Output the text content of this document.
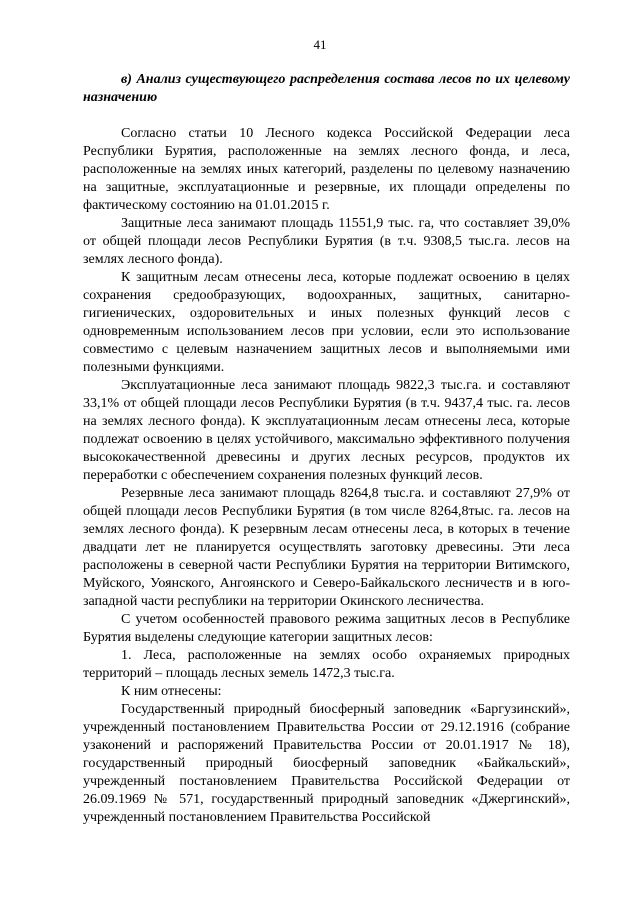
41

в) Анализ существующего распределения состава лесов по их целевому назначению

Согласно статьи 10 Лесного кодекса Российской Федерации леса Республики Бурятия, расположенные на землях лесного фонда, и леса, расположенные на землях иных категорий, разделены по целевому назначению на защитные, эксплуатационные и резервные, их площади определены по фактическому состоянию на 01.01.2015 г.

Защитные леса занимают площадь 11551,9 тыс. га, что составляет 39,0% от общей площади лесов Республики Бурятия (в т.ч. 9308,5 тыс.га. лесов на землях лесного фонда).

К защитным лесам отнесены леса, которые подлежат освоению в целях сохранения средообразующих, водоохранных, защитных, санитарно-гигиенических, оздоровительных и иных полезных функций лесов с одновременным использованием лесов при условии, если это использование совместимо с целевым назначением защитных лесов и выполняемыми ими полезными функциями.

Эксплуатационные леса занимают площадь 9822,3 тыс.га. и составляют 33,1% от общей площади лесов Республики Бурятия (в т.ч. 9437,4 тыс. га. лесов на землях лесного фонда). К эксплуатационным лесам отнесены леса, которые подлежат освоению в целях устойчивого, максимально эффективного получения высококачественной древесины и других лесных ресурсов, продуктов их переработки с обеспечением сохранения полезных функций лесов.

Резервные леса занимают площадь 8264,8 тыс.га. и составляют 27,9% от общей площади лесов Республики Бурятия (в том числе 8264,8тыс. га. лесов на землях лесного фонда). К резервным лесам отнесены леса, в которых в течение двадцати лет не планируется осуществлять заготовку древесины. Эти леса расположены в северной части Республики Бурятия на территории Витимского, Муйского, Уоянского, Ангоянского и Северо-Байкальского лесничеств и в юго-западной части республики на территории Окинского лесничества.

С учетом особенностей правового режима защитных лесов в Республике Бурятия выделены следующие категории защитных лесов:

1. Леса, расположенные на землях особо охраняемых природных территорий – площадь лесных земель 1472,3 тыс.га.

К ним отнесены:

Государственный природный биосферный заповедник «Баргузинский», учрежденный постановлением Правительства России от 29.12.1916 (собрание узаконений и распоряжений Правительства России от 20.01.1917 № 18), государственный природный биосферный заповедник «Байкальский», учрежденный постановлением Правительства Российской Федерации от 26.09.1969 № 571, государственный природный заповедник «Джергинский», учрежденный постановлением Правительства Российской
